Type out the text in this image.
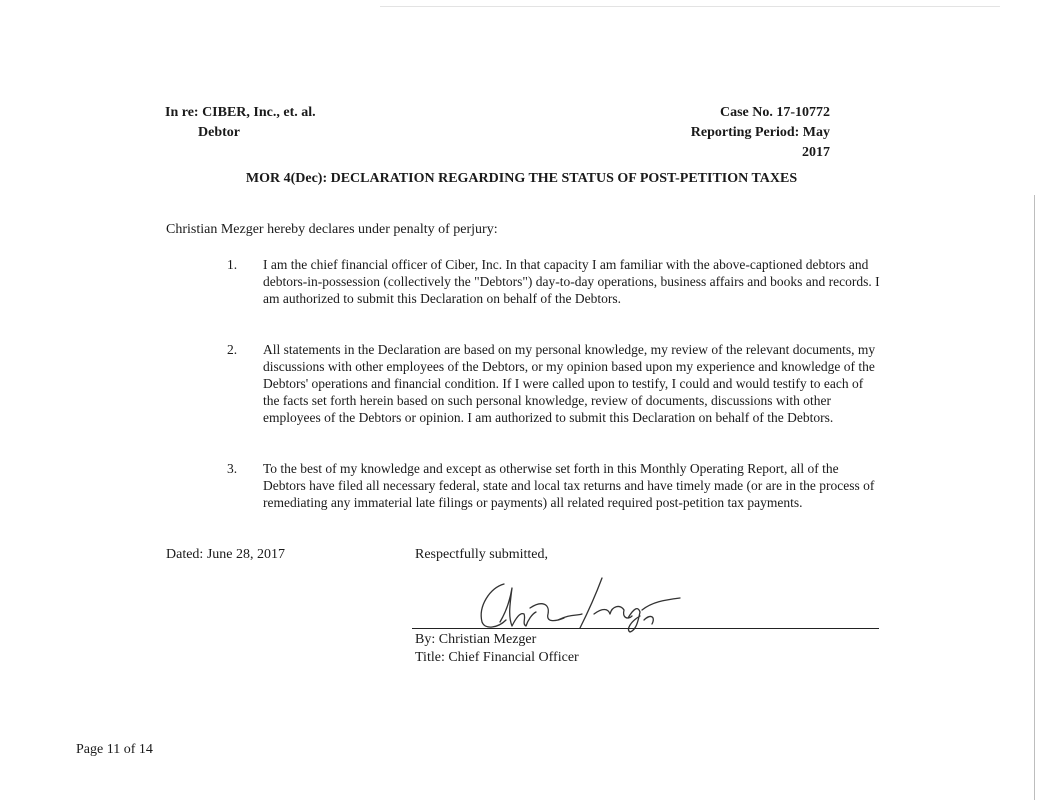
In re: CIBER, Inc., et. al.
Debtor
Case No. 17-10772
Reporting Period: May 2017
MOR 4(Dec): DECLARATION REGARDING THE STATUS OF POST-PETITION TAXES
Christian Mezger hereby declares under penalty of perjury:
1. I am the chief financial officer of Ciber, Inc. In that capacity I am familiar with the above-captioned debtors and debtors-in-possession (collectively the "Debtors") day-to-day operations, business affairs and books and records. I am authorized to submit this Declaration on behalf of the Debtors.
2. All statements in the Declaration are based on my personal knowledge, my review of the relevant documents, my discussions with other employees of the Debtors, or my opinion based upon my experience and knowledge of the Debtors' operations and financial condition. If I were called upon to testify, I could and would testify to each of the facts set forth herein based on such personal knowledge, review of documents, discussions with other employees of the Debtors or opinion. I am authorized to submit this Declaration on behalf of the Debtors.
3. To the best of my knowledge and except as otherwise set forth in this Monthly Operating Report, all of the Debtors have filed all necessary federal, state and local tax returns and have timely made (or are in the process of remediating any immaterial late filings or payments) all related required post-petition tax payments.
Dated: June 28, 2017	Respectfully submitted,
By: Christian Mezger
Title: Chief Financial Officer
Page 11 of 14
